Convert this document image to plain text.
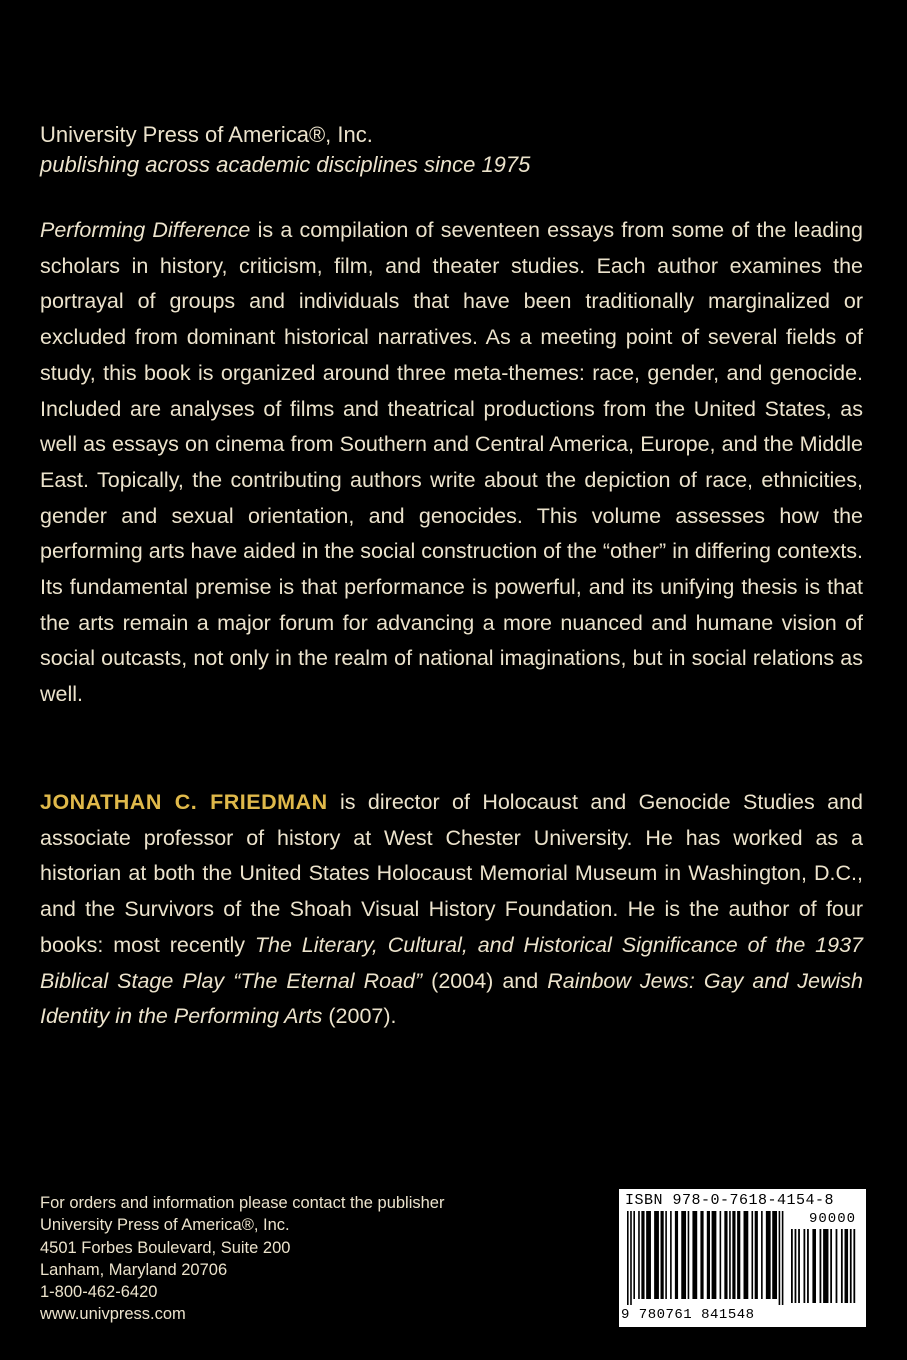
University Press of America®, Inc.
publishing across academic disciplines since 1975
Performing Difference is a compilation of seventeen essays from some of the leading scholars in history, criticism, film, and theater studies. Each author examines the portrayal of groups and individuals that have been traditionally marginalized or excluded from dominant historical narratives. As a meeting point of several fields of study, this book is organized around three meta-themes: race, gender, and genocide. Included are analyses of films and theatrical productions from the United States, as well as essays on cinema from Southern and Central America, Europe, and the Middle East. Topically, the contributing authors write about the depiction of race, ethnicities, gender and sexual orientation, and genocides. This volume assesses how the performing arts have aided in the social construction of the “other” in differing contexts. Its fundamental premise is that performance is powerful, and its unifying thesis is that the arts remain a major forum for advancing a more nuanced and humane vision of social outcasts, not only in the realm of national imaginations, but in social relations as well.
JONATHAN C. FRIEDMAN is director of Holocaust and Genocide Studies and associate professor of history at West Chester University. He has worked as a historian at both the United States Holocaust Memorial Museum in Washington, D.C., and the Survivors of the Shoah Visual History Foundation. He is the author of four books: most recently The Literary, Cultural, and Historical Significance of the 1937 Biblical Stage Play “The Eternal Road” (2004) and Rainbow Jews: Gay and Jewish Identity in the Performing Arts (2007).
For orders and information please contact the publisher
University Press of America®, Inc.
4501 Forbes Boulevard, Suite 200
Lanham, Maryland 20706
1-800-462-6420
www.univpress.com
ISBN 978-0-7618-4154-8
90000
9 780761 841548
